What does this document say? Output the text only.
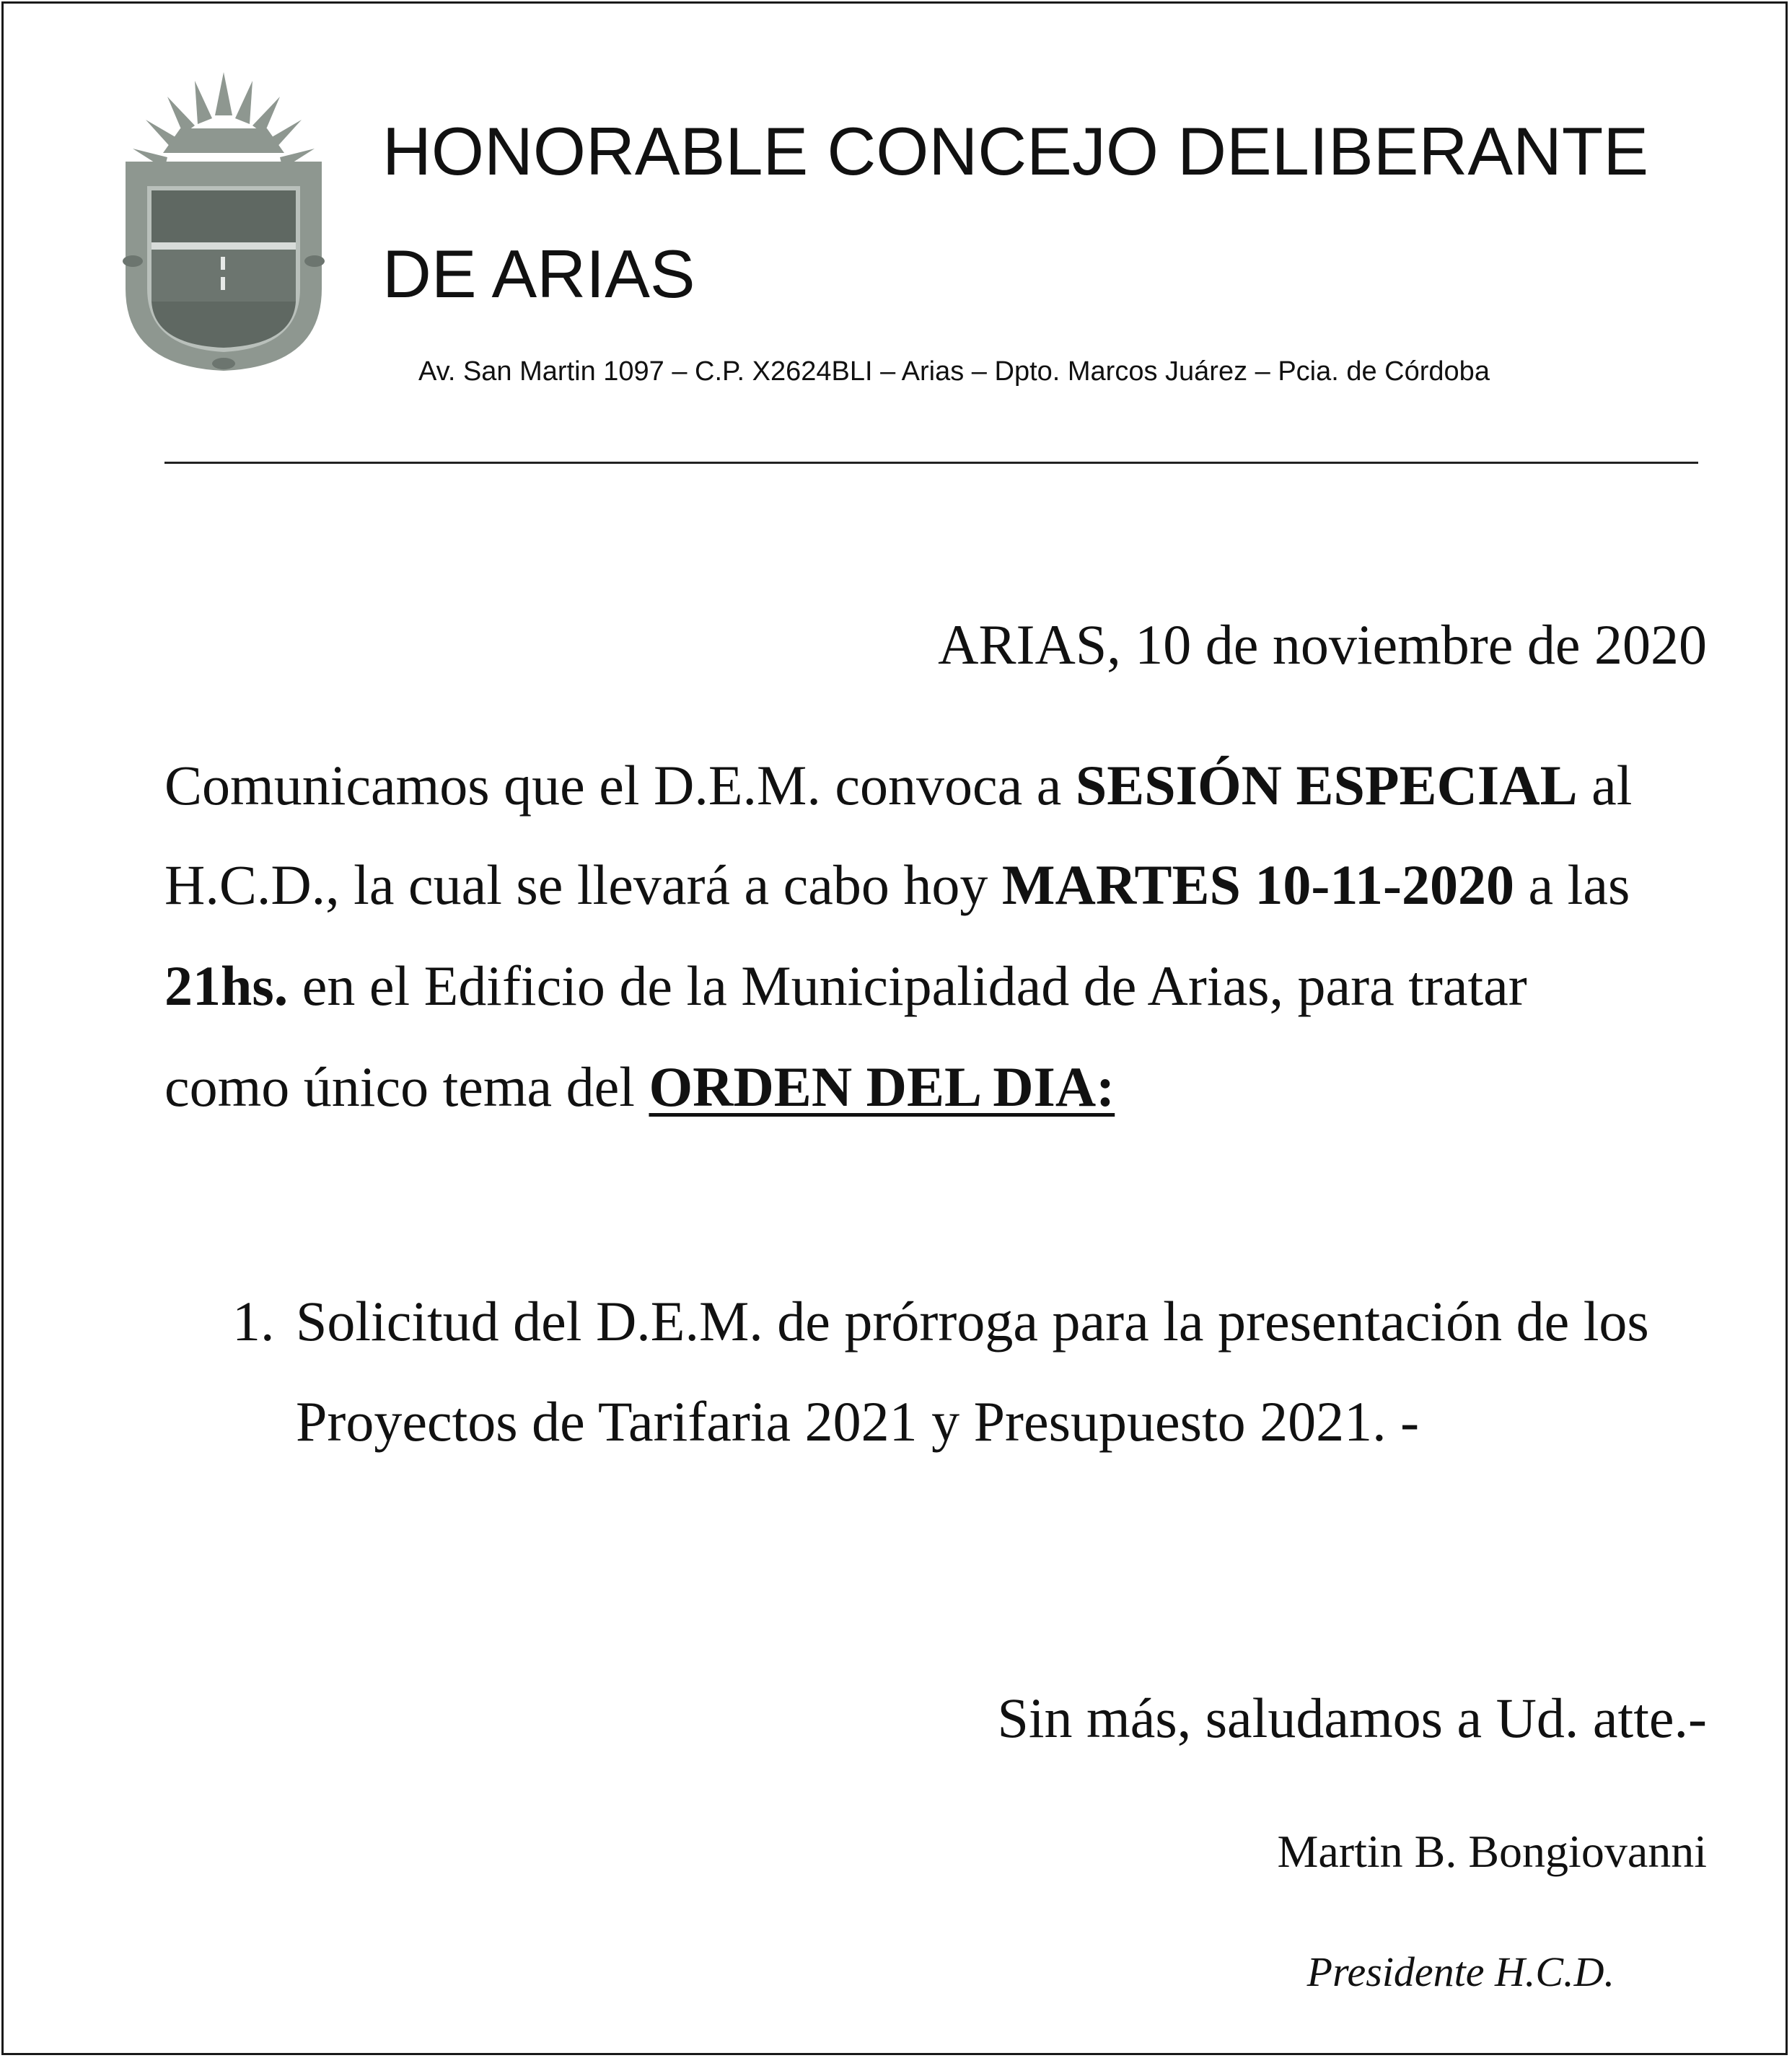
HONORABLE CONCEJO DELIBERANTE
DE ARIAS
Av. San Martin 1097 – C.P. X2624BLI – Arias – Dpto. Marcos Juárez – Pcia. de Córdoba
ARIAS, 10 de noviembre de 2020
Comunicamos que el D.E.M. convoca a SESIÓN ESPECIAL al
H.C.D., la cual se llevará a cabo hoy MARTES 10-11-2020 a las
21hs. en el Edificio de la Municipalidad de Arias, para tratar
como único tema del ORDEN DEL DIA:
1. Solicitud del D.E.M. de prórroga para la presentación de los
Proyectos de Tarifaria 2021 y Presupuesto 2021. -
Sin más, saludamos a Ud. atte.-
Martin B. Bongiovanni
Presidente H.C.D.
